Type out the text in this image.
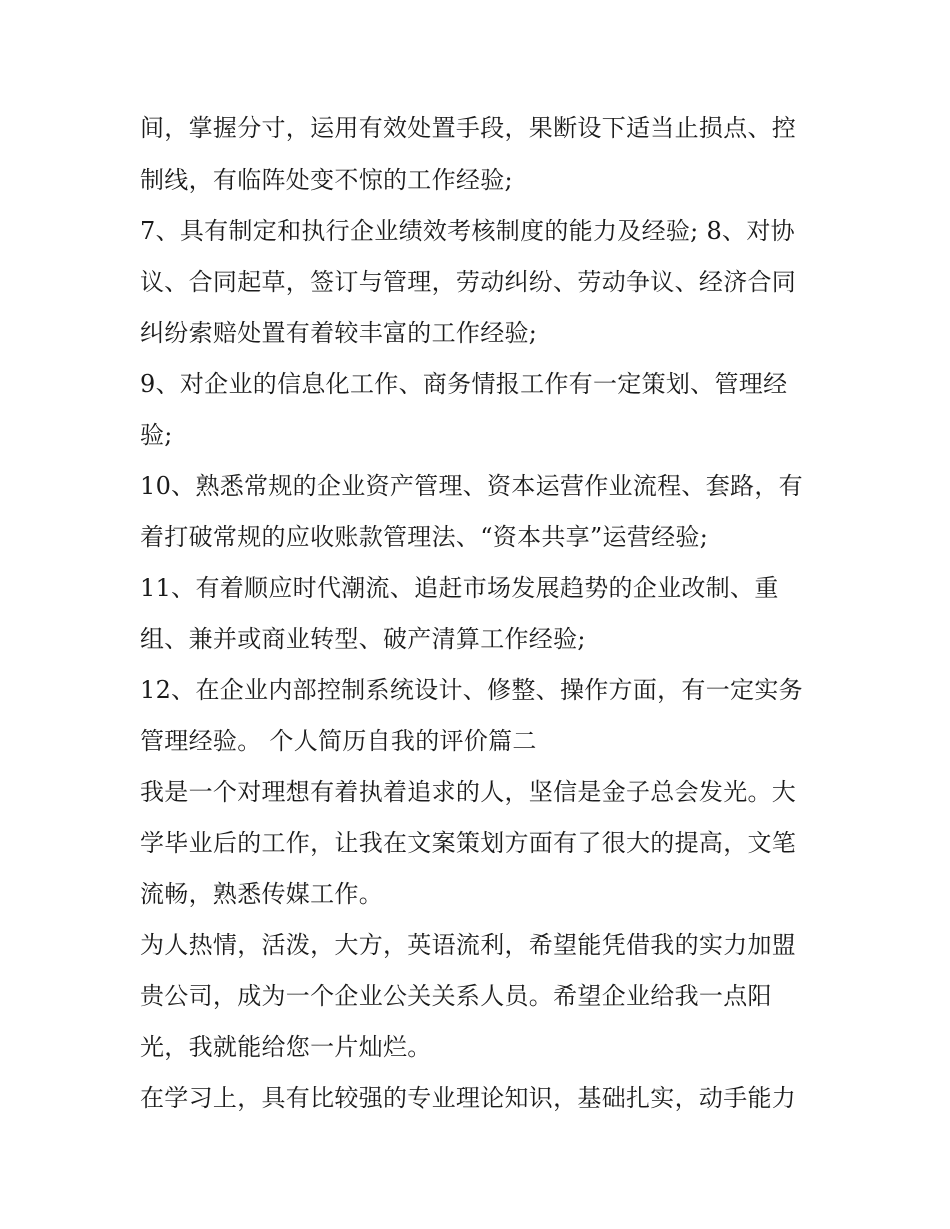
间，掌握分寸，运用有效处置手段，果断设下适当止损点、控
制线，有临阵处变不惊的工作经验;
7、具有制定和执行企业绩效考核制度的能力及经验; 8、对协
议、合同起草，签订与管理，劳动纠纷、劳动争议、经济合同
纠纷索赔处置有着较丰富的工作经验;
9、对企业的信息化工作、商务情报工作有一定策划、管理经
验;
10、熟悉常规的企业资产管理、资本运营作业流程、套路，有
着打破常规的应收账款管理法、“资本共享”运营经验;
11、有着顺应时代潮流、追赶市场发展趋势的企业改制、重
组、兼并或商业转型、破产清算工作经验;
12、在企业内部控制系统设计、修整、操作方面，有一定实务
管理经验。 个人简历自我的评价篇二
我是一个对理想有着执着追求的人，坚信是金子总会发光。大
学毕业后的工作，让我在文案策划方面有了很大的提高，文笔
流畅，熟悉传媒工作。
为人热情，活泼，大方，英语流利，希望能凭借我的实力加盟
贵公司，成为一个企业公关关系人员。希望企业给我一点阳
光，我就能给您一片灿烂。
在学习上，具有比较强的专业理论知识，基础扎实，动手能力
